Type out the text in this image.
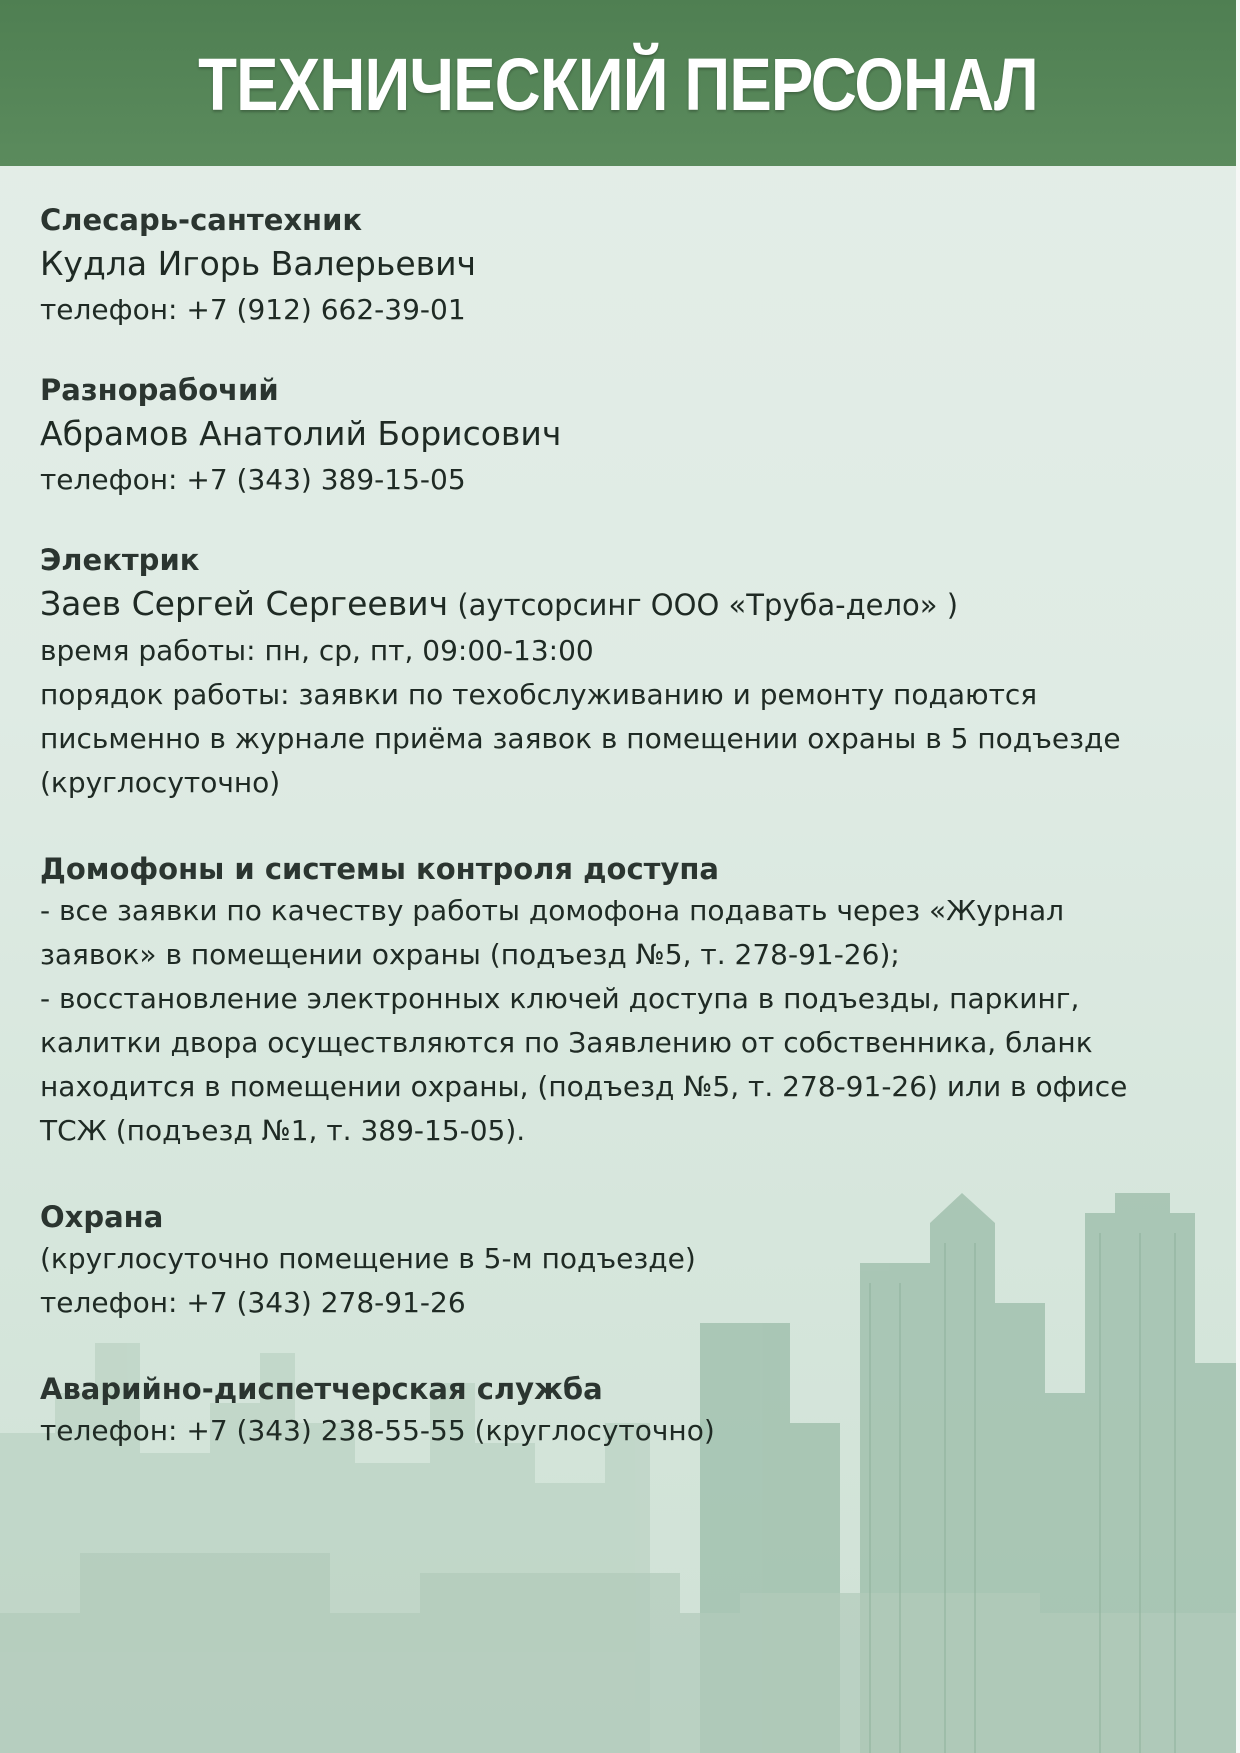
ТЕХНИЧЕСКИЙ ПЕРСОНАЛ
Слесарь-сантехник
Кудла Игорь Валерьевич
телефон: +7 (912) 662-39-01
Разнорабочий
Абрамов Анатолий Борисович
телефон: +7 (343) 389-15-05
Электрик
Заев Сергей Сергеевич (аутсорсинг ООО «Труба-дело» )
время работы: пн, ср, пт, 09:00-13:00
порядок работы: заявки по техобслуживанию и ремонту подаются
письменно в журнале приёма заявок в помещении охраны в 5 подъезде
(круглосуточно)
Домофоны и системы контроля доступа
- все заявки по качеству работы домофона подавать через «Журнал
заявок» в помещении охраны (подъезд №5, т. 278-91-26);
- восстановление электронных ключей доступа в подъезды, паркинг,
калитки двора осуществляются по Заявлению от собственника, бланк
находится в помещении охраны, (подъезд №5, т. 278-91-26) или в офисе
ТСЖ (подъезд №1, т. 389-15-05).
Охрана
(круглосуточно помещение в 5-м подъезде)
телефон: +7 (343) 278-91-26
Аварийно-диспетчерская служба
телефон: +7 (343) 238-55-55 (круглосуточно)
